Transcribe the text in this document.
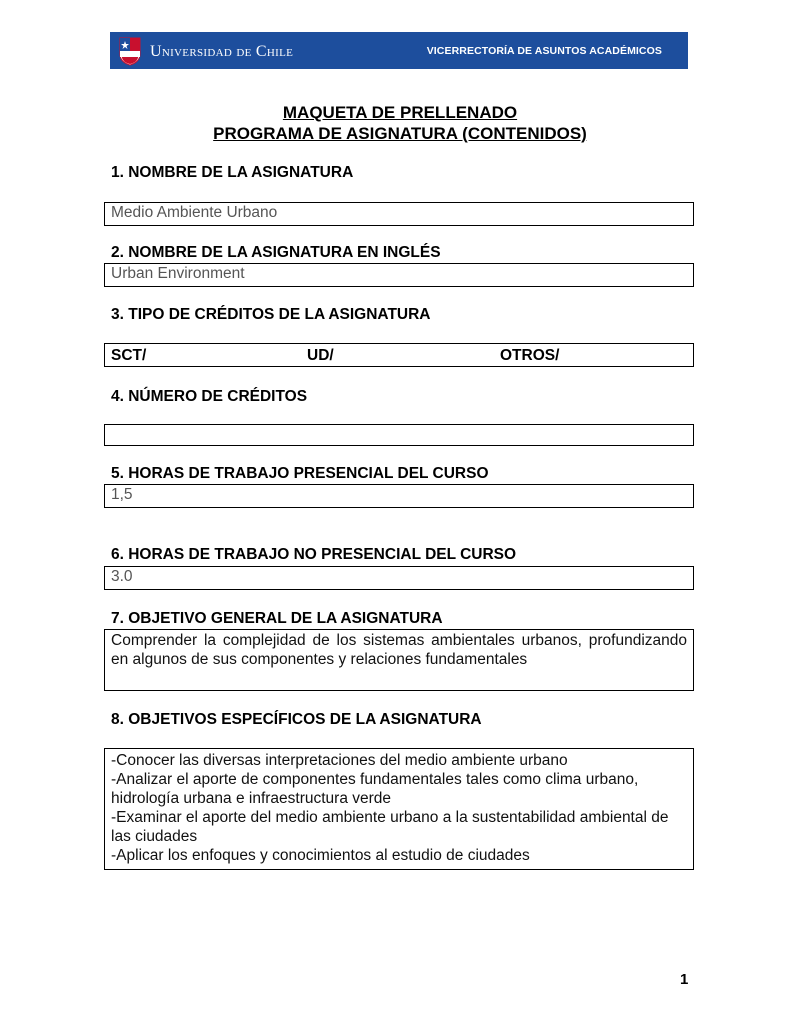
Universidad de Chile	VICERRECTORÍA DE ASUNTOS ACADÉMICOS
MAQUETA DE PRELLENADO
PROGRAMA DE ASIGNATURA (CONTENIDOS)
1. NOMBRE DE LA ASIGNATURA
Medio Ambiente Urbano
2. NOMBRE DE LA ASIGNATURA EN INGLÉS
Urban Environment
3. TIPO DE CRÉDITOS DE LA ASIGNATURA
SCT/	UD/	OTROS/
4. NÚMERO DE CRÉDITOS
5. HORAS DE TRABAJO PRESENCIAL DEL CURSO
1,5
6. HORAS DE TRABAJO NO PRESENCIAL DEL CURSO
3.0
7. OBJETIVO GENERAL DE LA ASIGNATURA
Comprender la complejidad de los sistemas ambientales urbanos, profundizando en algunos de sus componentes y relaciones fundamentales
8. OBJETIVOS ESPECÍFICOS DE LA ASIGNATURA
-Conocer las diversas interpretaciones del medio ambiente urbano
-Analizar el aporte de componentes fundamentales tales como clima urbano, hidrología urbana e infraestructura verde
-Examinar el aporte del medio ambiente urbano a la sustentabilidad ambiental de las ciudades
-Aplicar los enfoques y conocimientos al estudio de ciudades
1
